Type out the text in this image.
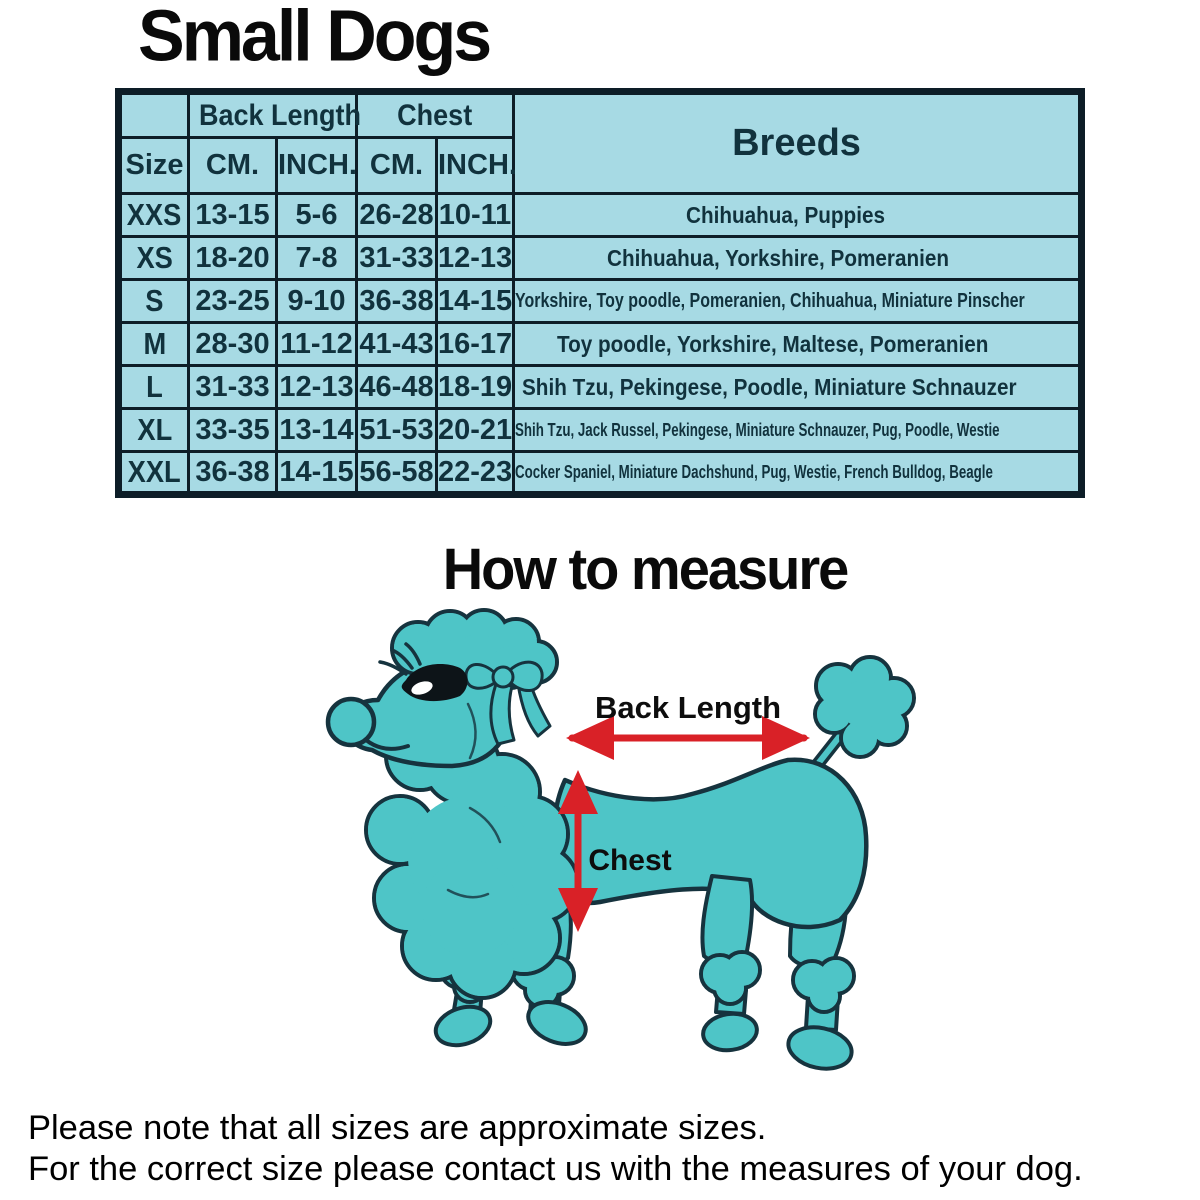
Small Dogs
	Back Length		Chest		Breeds
Size	CM.	INCH.	CM.	INCH.	
XXS	13-15	5-6	26-28	10-11	Chihuahua, Puppies
XS	18-20	7-8	31-33	12-13	Chihuahua, Yorkshire, Pomeranien
S	23-25	9-10	36-38	14-15	Yorkshire, Toy poodle, Pomeranien, Chihuahua, Miniature Pinscher
M	28-30	11-12	41-43	16-17	Toy poodle, Yorkshire, Maltese, Pomeranien
L	31-33	12-13	46-48	18-19	Shih Tzu, Pekingese, Poodle, Miniature Schnauzer
XL	33-35	13-14	51-53	20-21	Shih Tzu, Jack Russel, Pekingese, Miniature Schnauzer, Pug, Poodle, Westie
XXL	36-38	14-15	56-58	22-23	Cocker Spaniel, Miniature Dachshund, Pug, Westie, French Bulldog, Beagle
How to measure
Back Length
Chest

Please note that all sizes are approximate sizes.

For the correct size please contact us with the measures of your dog.
